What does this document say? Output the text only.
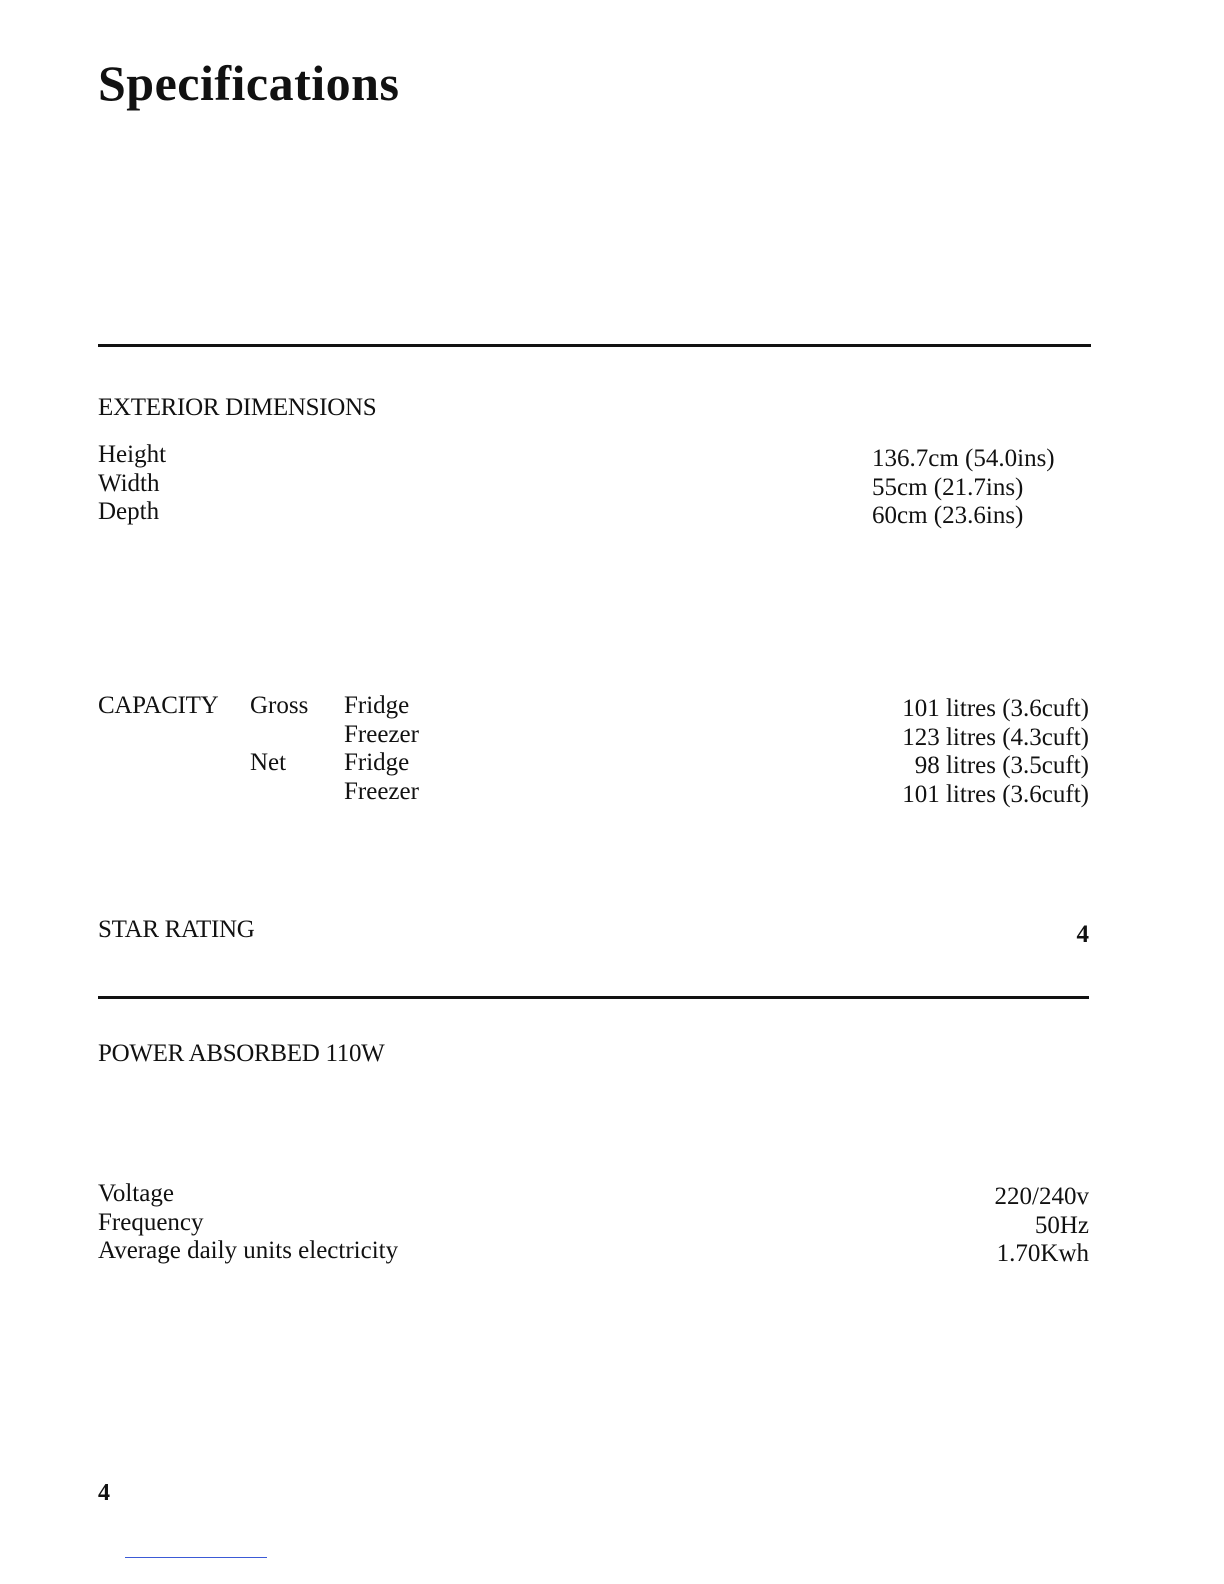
Specifications
EXTERIOR DIMENSIONS
Height
Width
Depth
136.7cm (54.0ins)
55cm (21.7ins)
60cm (23.6ins)
CAPACITY Gross
Net
Fridge
Freezer
Fridge
Freezer
101 litres (3.6cuft)
123 litres (4.3cuft)
98 litres (3.5cuft)
101 litres (3.6cuft)
STAR RATING	4
POWER ABSORBED 110W
Voltage
Frequency
Average daily units electricity
220/240v
50Hz
1.70Kwh
4
